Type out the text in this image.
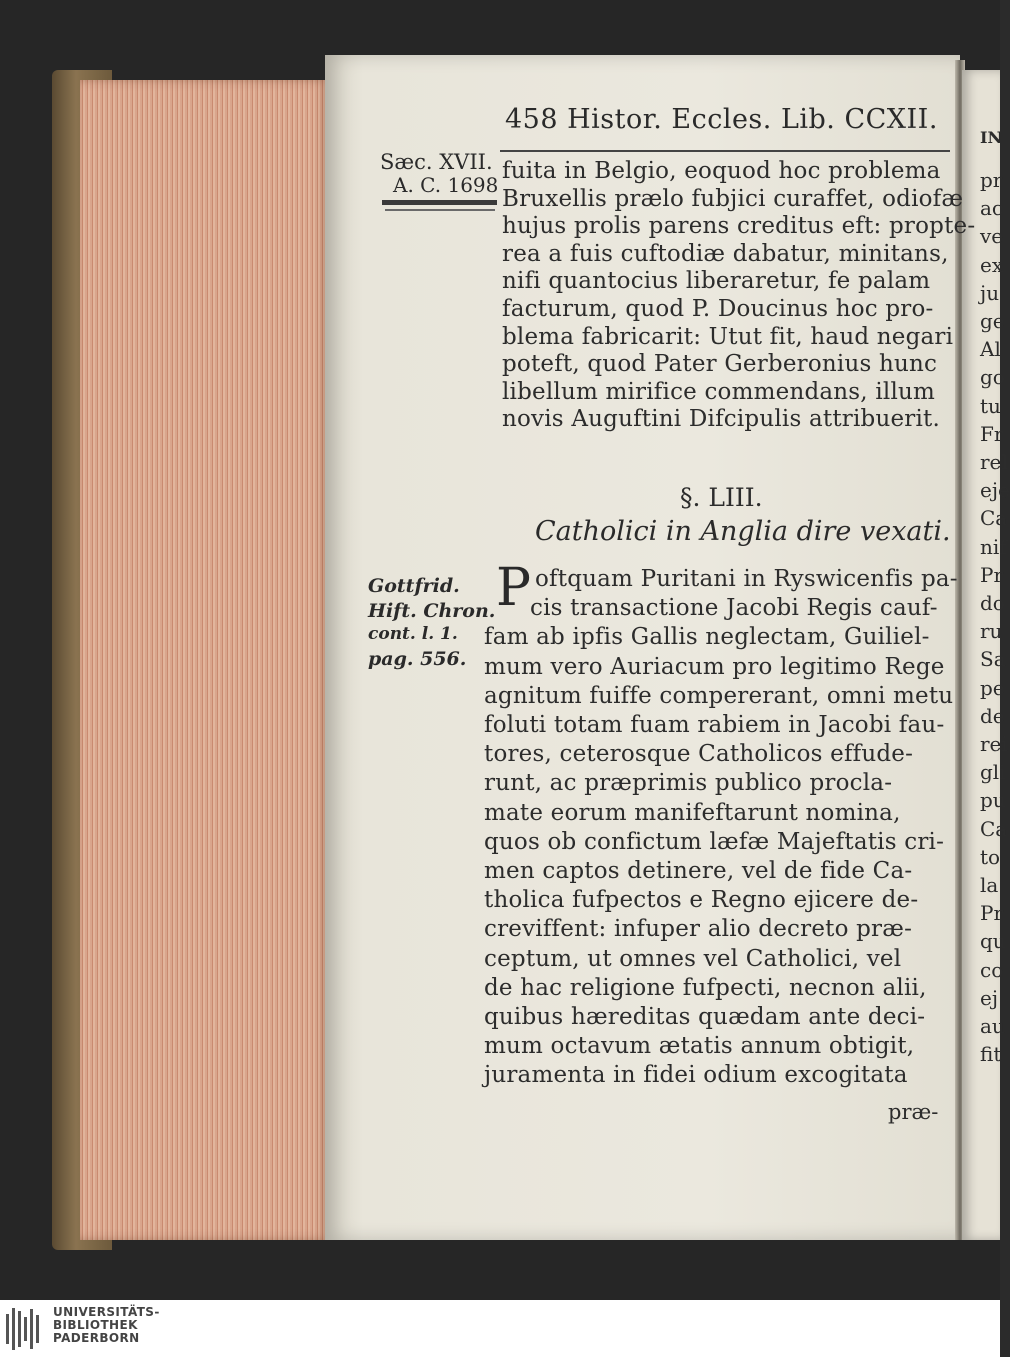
458 Histor. Eccles. Lib. CCXII.
Sæc. XVII.
A. C. 1698
§. LIII.
Catholici in Anglia dire vexati.
Gottfrid.
Hift. Chron.
cont. l. 1.
pag. 556.
P
præ-
UNIVERSITÄTS-
BIBLIOTHEK
PADERBORN
fuita in Belgio, eoquod hoc problema
Bruxellis prælo fubjici curaffet, odiofæ
hujus prolis parens creditus eft: propte-
rea a fuis cuftodiæ dabatur, minitans,
nifi quantocius liberaretur, fe palam
facturum, quod P. Doucinus hoc pro-
blema fabricarit: Utut fit, haud negari
poteft, quod Pater Gerberonius hunc
libellum mirifice commendans, illum
novis Auguftini Difcipulis attribuerit.
oftquam Puritani in Ryswicenfis pa-
cis transactione Jacobi Regis cauf-
fam ab ipfis Gallis neglectam, Guiliel-
mum vero Auriacum pro legitimo Rege
agnitum fuiffe compererant, omni metu
foluti totam fuam rabiem in Jacobi fau-
tores, ceterosque Catholicos effude-
runt, ac præprimis publico procla-
mate eorum manifeftarunt nomina,
quos ob confictum læfæ Majeftatis cri-
men captos detinere, vel de fide Ca-
tholica fufpectos e Regno ejicere de-
creviffent: infuper alio decreto præ-
ceptum, ut omnes vel Catholici, vel
de hac religione fufpecti, necnon alii,
quibus hæreditas quædam ante deci-
mum octavum ætatis annum obtigit,
juramenta in fidei odium excogitata
IN
pr
ac
ve
ex
ju
ge
Al
go
tu
Fr
rel
eje
Ca
nif
Pr
do
ru
Sa
pe
de
rei
gli
pu
Ca
to
la
Pr
qu
co
ej
au
fit
